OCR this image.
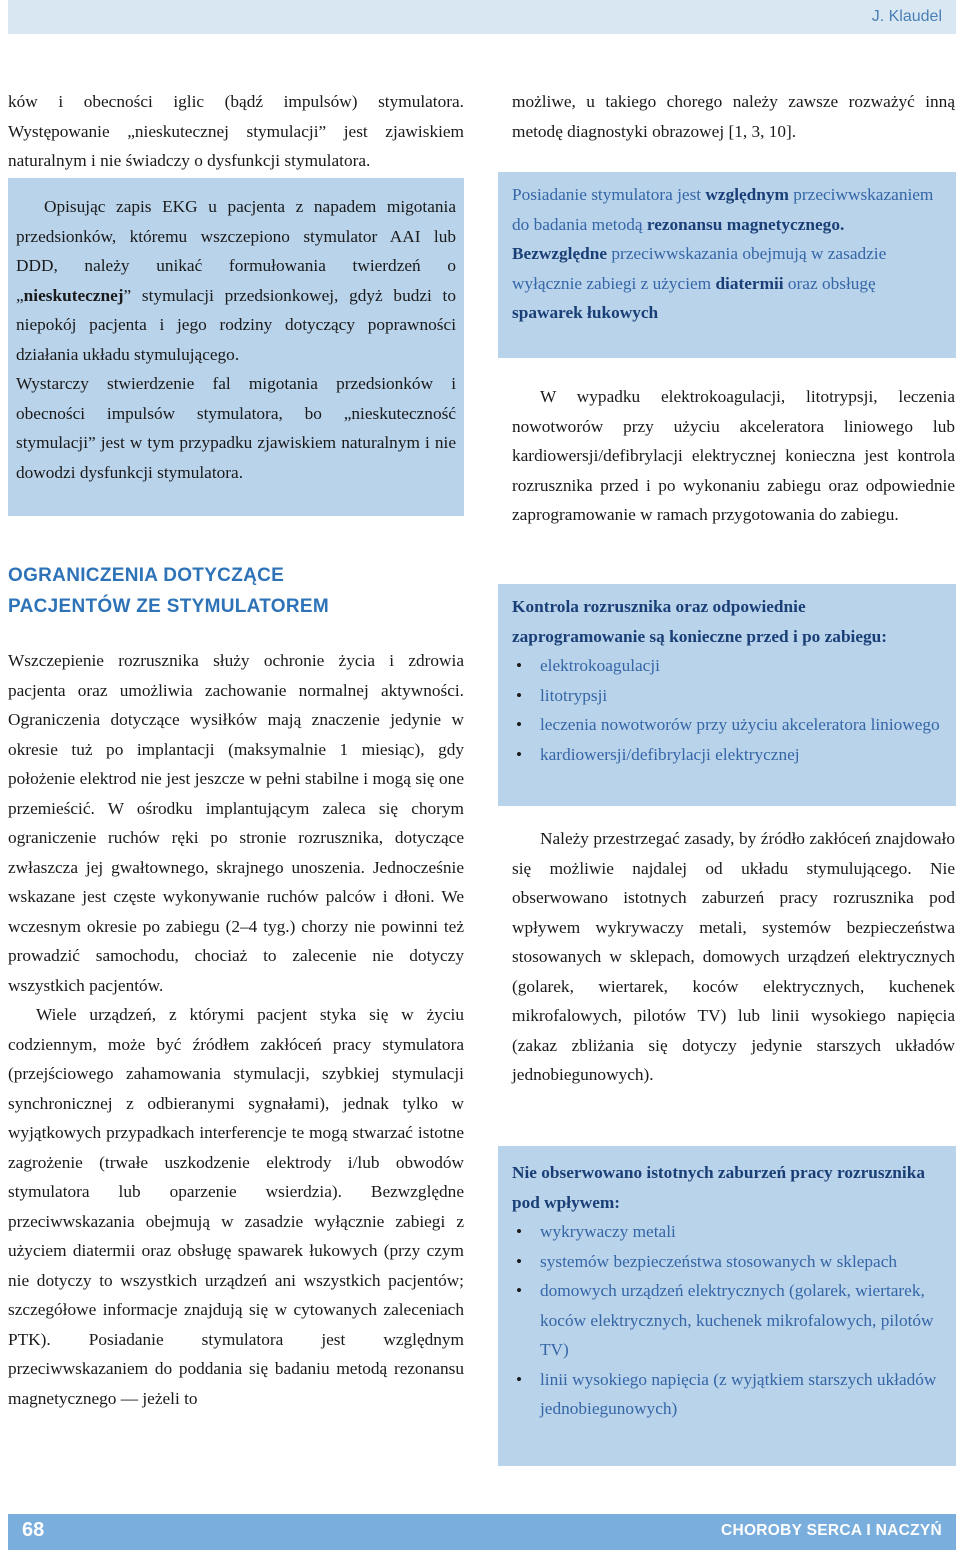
J. Klaudel

ków i obecności iglic (bądź impulsów) stymulatora. Występowanie „nieskutecznej stymulacji” jest zjawiskiem naturalnym i nie świadczy o dysfunkcji stymulatora.

Opisując zapis EKG u pacjenta z napadem migotania przedsionków, któremu wszczepiono stymulator AAI lub DDD, należy unikać formułowania twierdzeń o „nieskutecznej” stymulacji przedsionkowej, gdyż budzi to niepokój pacjenta i jego rodziny dotyczący poprawności działania układu stymulującego.

Wystarczy stwierdzenie fal migotania przedsionków i obecności impulsów stymulatora, bo „nieskuteczność stymulacji” jest w tym przypadku zjawiskiem naturalnym i nie dowodzi dysfunkcji stymulatora.

OGRANICZENIA DOTYCZĄCE
PACJENTÓW ZE STYMULATOREM

Wszczepienie rozrusznika służy ochronie życia i zdrowia pacjenta oraz umożliwia zachowanie normalnej aktywności. Ograniczenia dotyczące wysiłków mają znaczenie jedynie w okresie tuż po implantacji (maksymalnie 1 miesiąc), gdy położenie elektrod nie jest jeszcze w pełni stabilne i mogą się one przemieścić. W ośrodku implantującym zaleca się chorym ograniczenie ruchów ręki po stronie rozrusznika, dotyczące zwłaszcza jej gwałtownego, skrajnego unoszenia. Jednocześnie wskazane jest częste wykonywanie ruchów palców i dłoni. We wczesnym okresie po zabiegu (2–4 tyg.) chorzy nie powinni też prowadzić samochodu, chociaż to zalecenie nie dotyczy wszystkich pacjentów.

Wiele urządzeń, z którymi pacjent styka się w życiu codziennym, może być źródłem zakłóceń pracy stymulatora (przejściowego zahamowania stymulacji, szybkiej stymulacji synchronicznej z odbieranymi sygnałami), jednak tylko w wyjątkowych przypadkach interferencje te mogą stwarzać istotne zagrożenie (trwałe uszkodzenie elektrody i/lub obwodów stymulatora lub oparzenie wsierdzia). Bezwzględne przeciwwskazania obejmują w zasadzie wyłącznie zabiegi z użyciem diatermii oraz obsługę spawarek łukowych (przy czym nie dotyczy to wszystkich urządzeń ani wszystkich pacjentów; szczegółowe informacje znajdują się w cytowanych zaleceniach PTK). Posiadanie stymulatora jest względnym przeciwwskazaniem do poddania się badaniu metodą rezonansu magnetycznego — jeżeli to

możliwe, u takiego chorego należy zawsze rozważyć inną metodę diagnostyki obrazowej [1, 3, 10].

Posiadanie stymulatora jest względnym przeciwwskazaniem do badania metodą rezonansu magnetycznego.

Bezwzględne przeciwwskazania obejmują w zasadzie wyłącznie zabiegi z użyciem diatermii oraz obsługę spawarek łukowych

W wypadku elektrokoagulacji, litotrypsji, leczenia nowotworów przy użyciu akceleratora liniowego lub kardiowersji/defibrylacji elektrycznej konieczna jest kontrola rozrusznika przed i po wykonaniu zabiegu oraz odpowiednie zaprogramowanie w ramach przygotowania do zabiegu.

Kontrola rozrusznika oraz odpowiednie zaprogramowanie są konieczne przed i po zabiegu:

• elektrokoagulacji
• litotrypsji
• leczenia nowotworów przy użyciu akceleratora liniowego
• kardiowersji/defibrylacji elektrycznej

Należy przestrzegać zasady, by źródło zakłóceń znajdowało się możliwie najdalej od układu stymulującego. Nie obserwowano istotnych zaburzeń pracy rozrusznika pod wpływem wykrywaczy metali, systemów bezpieczeństwa stosowanych w sklepach, domowych urządzeń elektrycznych (golarek, wiertarek, koców elektrycznych, kuchenek mikrofalowych, pilotów TV) lub linii wysokiego napięcia (zakaz zbliżania się dotyczy jedynie starszych układów jednobiegunowych).

Nie obserwowano istotnych zaburzeń pracy rozrusznika pod wpływem:

• wykrywaczy metali
• systemów bezpieczeństwa stosowanych w sklepach
• domowych urządzeń elektrycznych (golarek, wiertarek, koców elektrycznych, kuchenek mikrofalowych, pilotów TV)
• linii wysokiego napięcia (z wyjątkiem starszych układów jednobiegunowych)
68	CHOROBY SERCA I NACZYŃ
